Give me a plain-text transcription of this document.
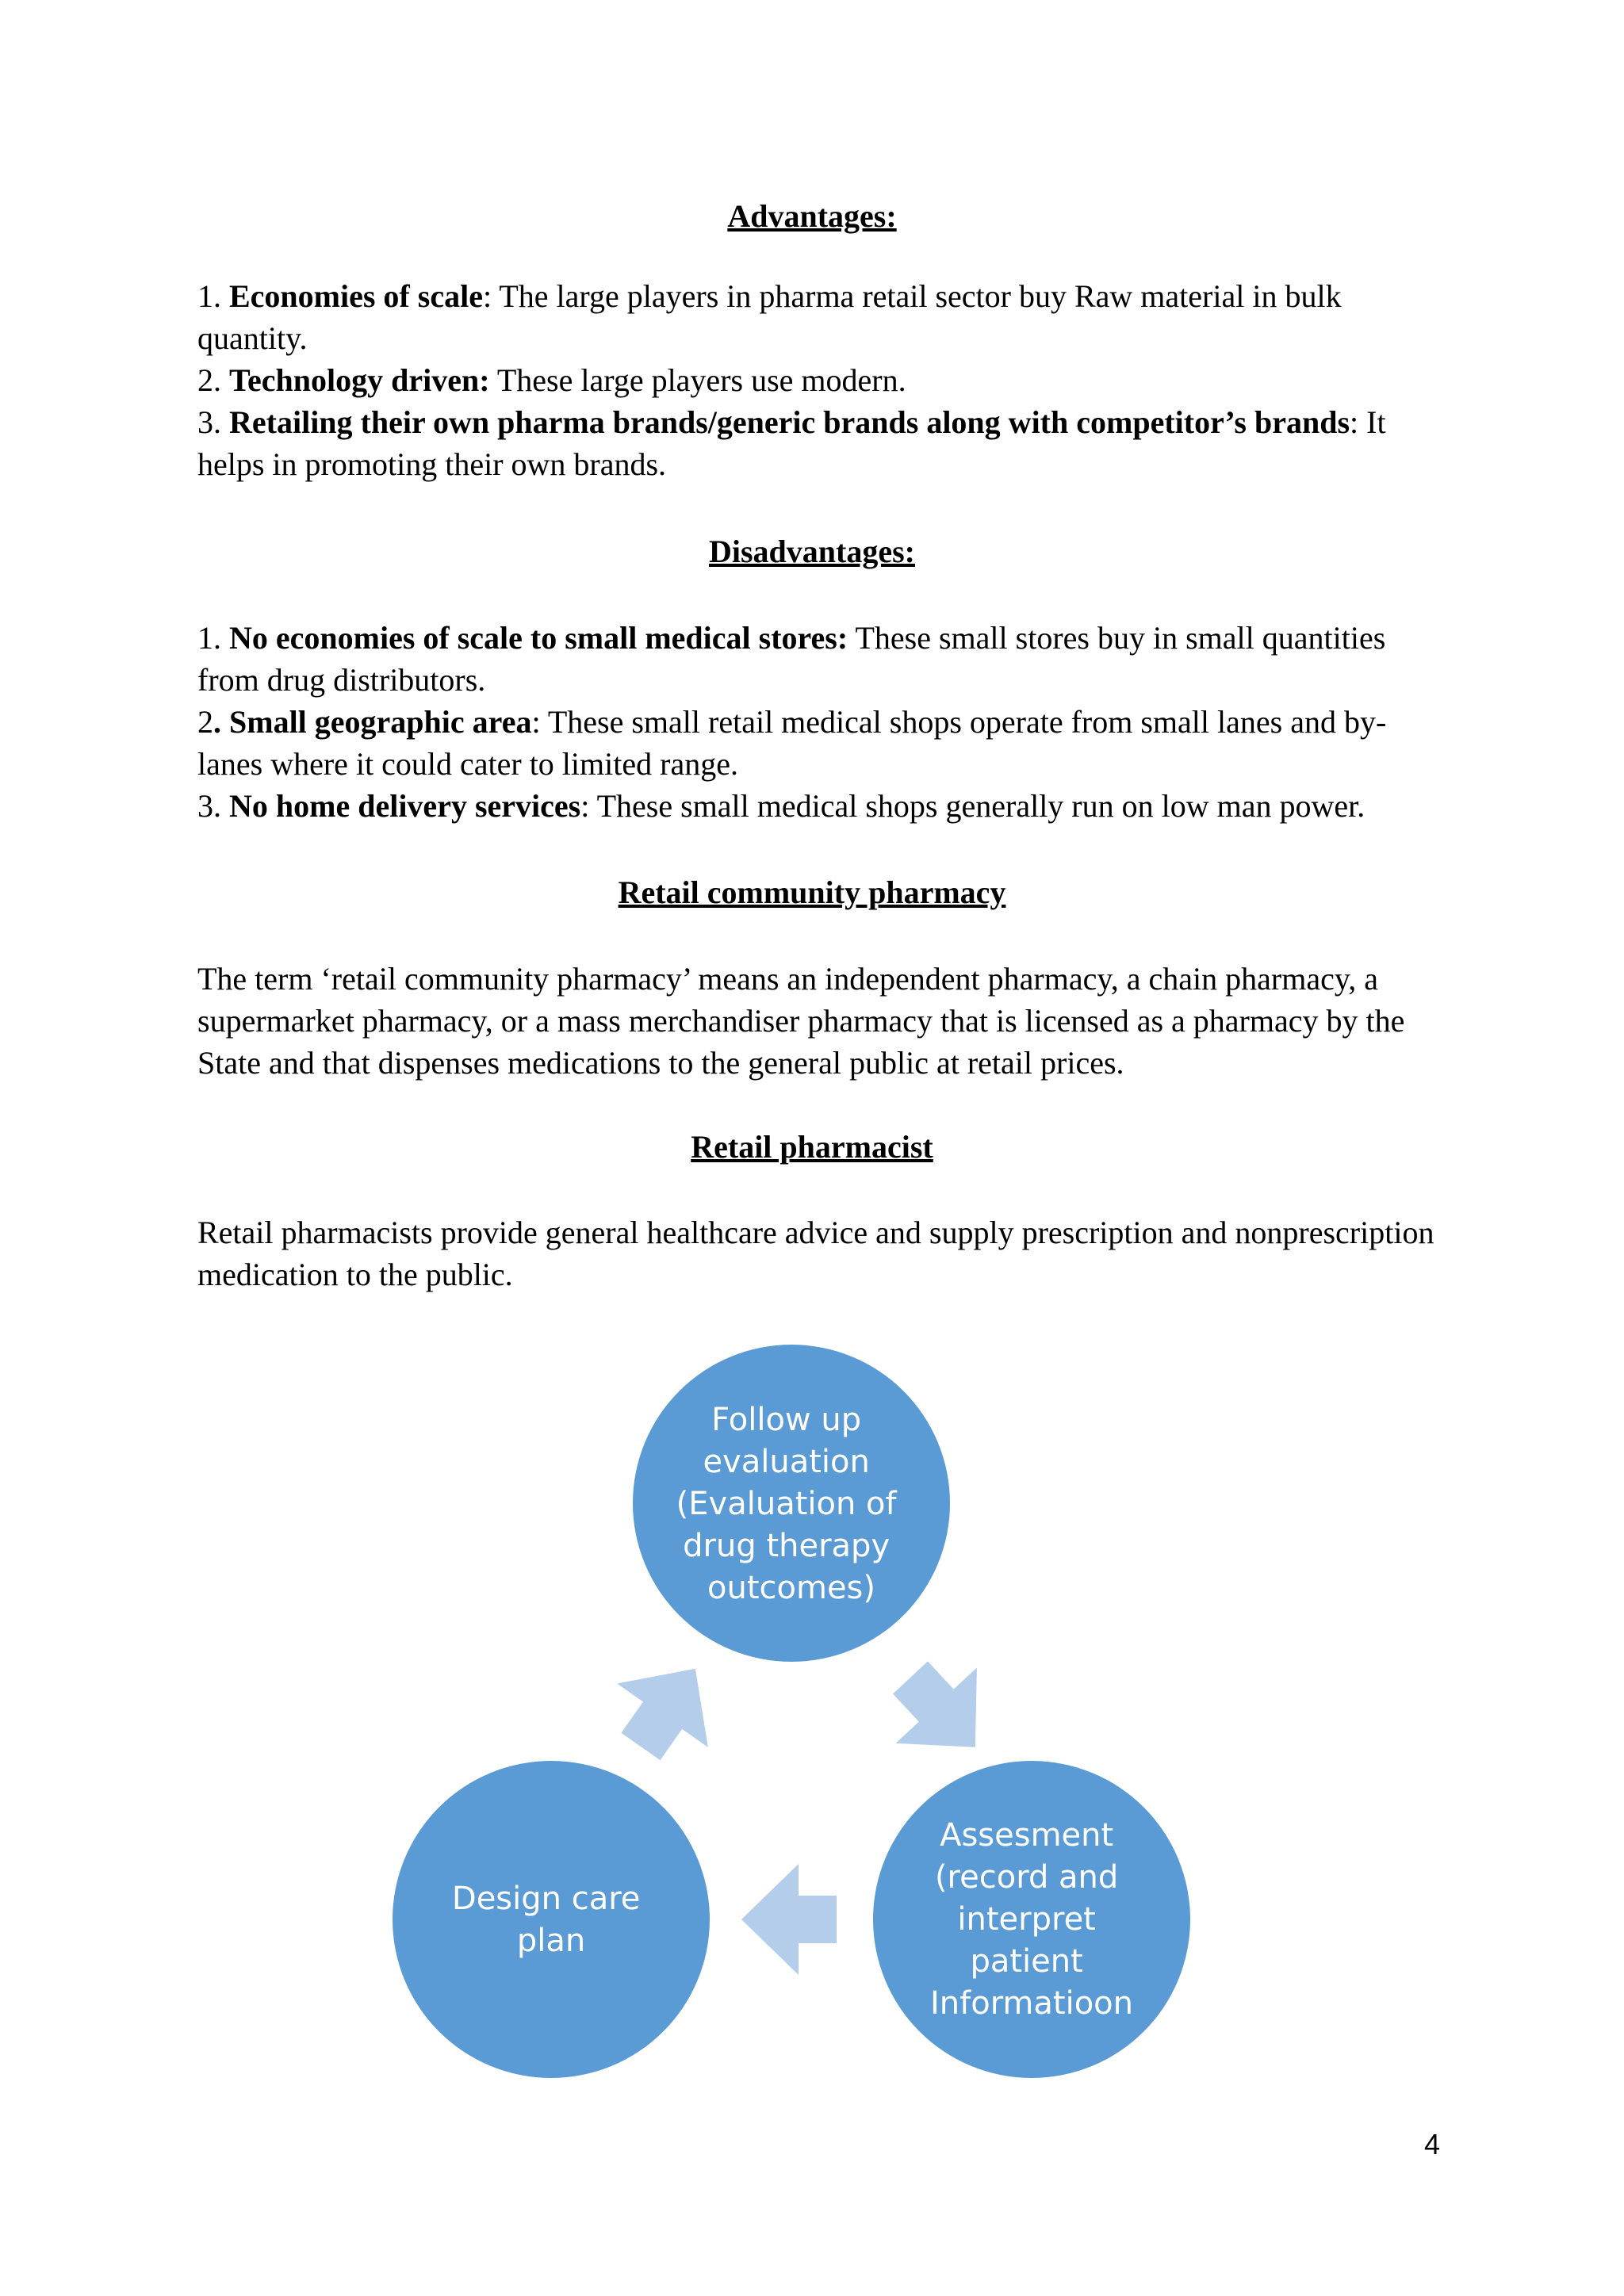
Advantages:

1. Economies of scale: The large players in pharma retail sector buy Raw material in bulk quantity.

2. Technology driven: These large players use modern.

3. Retailing their own pharma brands/generic brands along with competitor’s brands: It helps in promoting their own brands.

Disadvantages:

1. No economies of scale to small medical stores: These small stores buy in small quantities from drug distributors.

2. Small geographic area: These small retail medical shops operate from small lanes and by-lanes where it could cater to limited range.

3. No home delivery services: These small medical shops generally run on low man power.

Retail community pharmacy

The term ‘retail community pharmacy’ means an independent pharmacy, a chain pharmacy, a supermarket pharmacy, or a mass merchandiser pharmacy that is licensed as a pharmacy by the State and that dispenses medications to the general public at retail prices.

Retail pharmacist

Retail pharmacists provide general healthcare advice and supply prescription and nonprescription medication to the public.

Follow up evaluation (Evaluation of drug therapy outcomes)
Assesment (record and interpret patient Informatioon
Design care plan
4
